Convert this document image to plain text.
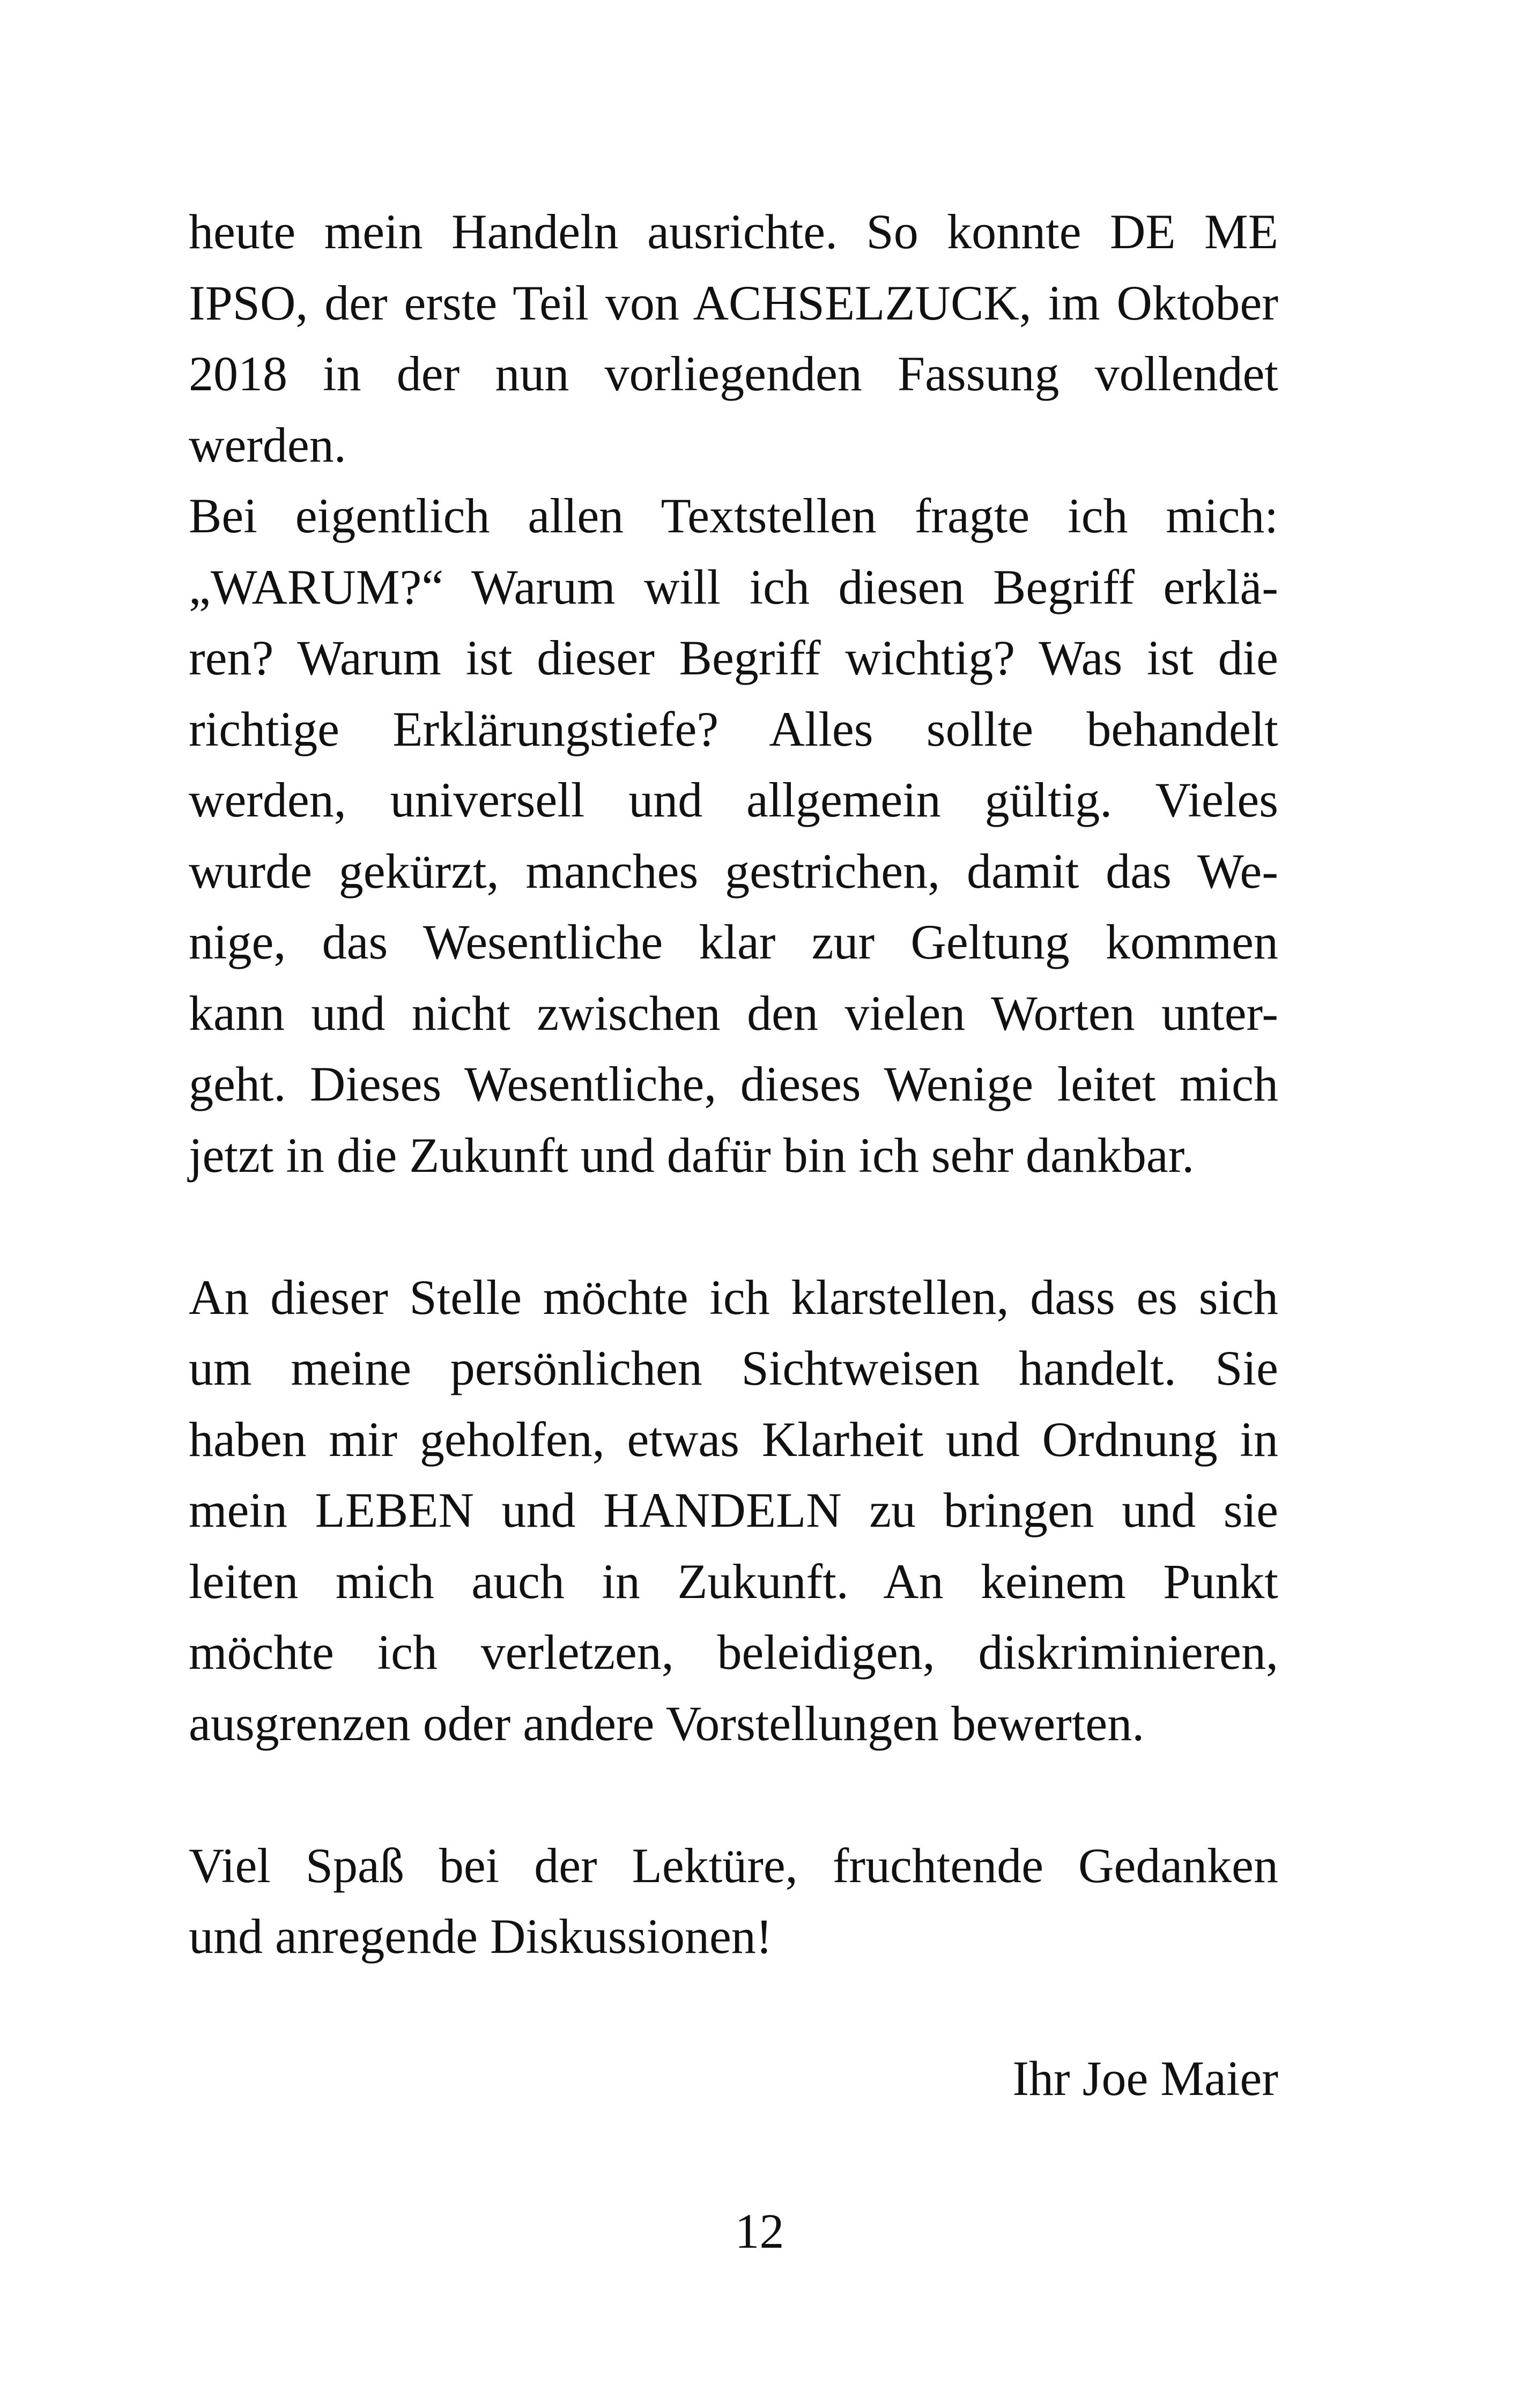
heute mein Handeln ausrichte. So konnte DE ME
IPSO, der erste Teil von ACHSELZUCK, im Oktober
2018 in der nun vorliegenden Fassung vollendet
werden.
Bei eigentlich allen Textstellen fragte ich mich:
„WARUM?“ Warum will ich diesen Begriff erklä-
ren? Warum ist dieser Begriff wichtig? Was ist die
richtige Erklärungstiefe? Alles sollte behandelt
werden, universell und allgemein gültig. Vieles
wurde gekürzt, manches gestrichen, damit das We-
nige, das Wesentliche klar zur Geltung kommen
kann und nicht zwischen den vielen Worten unter-
geht. Dieses Wesentliche, dieses Wenige leitet mich
jetzt in die Zukunft und dafür bin ich sehr dankbar.
An dieser Stelle möchte ich klarstellen, dass es sich
um meine persönlichen Sichtweisen handelt. Sie
haben mir geholfen, etwas Klarheit und Ordnung in
mein LEBEN und HANDELN zu bringen und sie
leiten mich auch in Zukunft. An keinem Punkt
möchte ich verletzen, beleidigen, diskriminieren,
ausgrenzen oder andere Vorstellungen bewerten.
Viel Spaß bei der Lektüre, fruchtende Gedanken
und anregende Diskussionen!
Ihr Joe Maier
12
